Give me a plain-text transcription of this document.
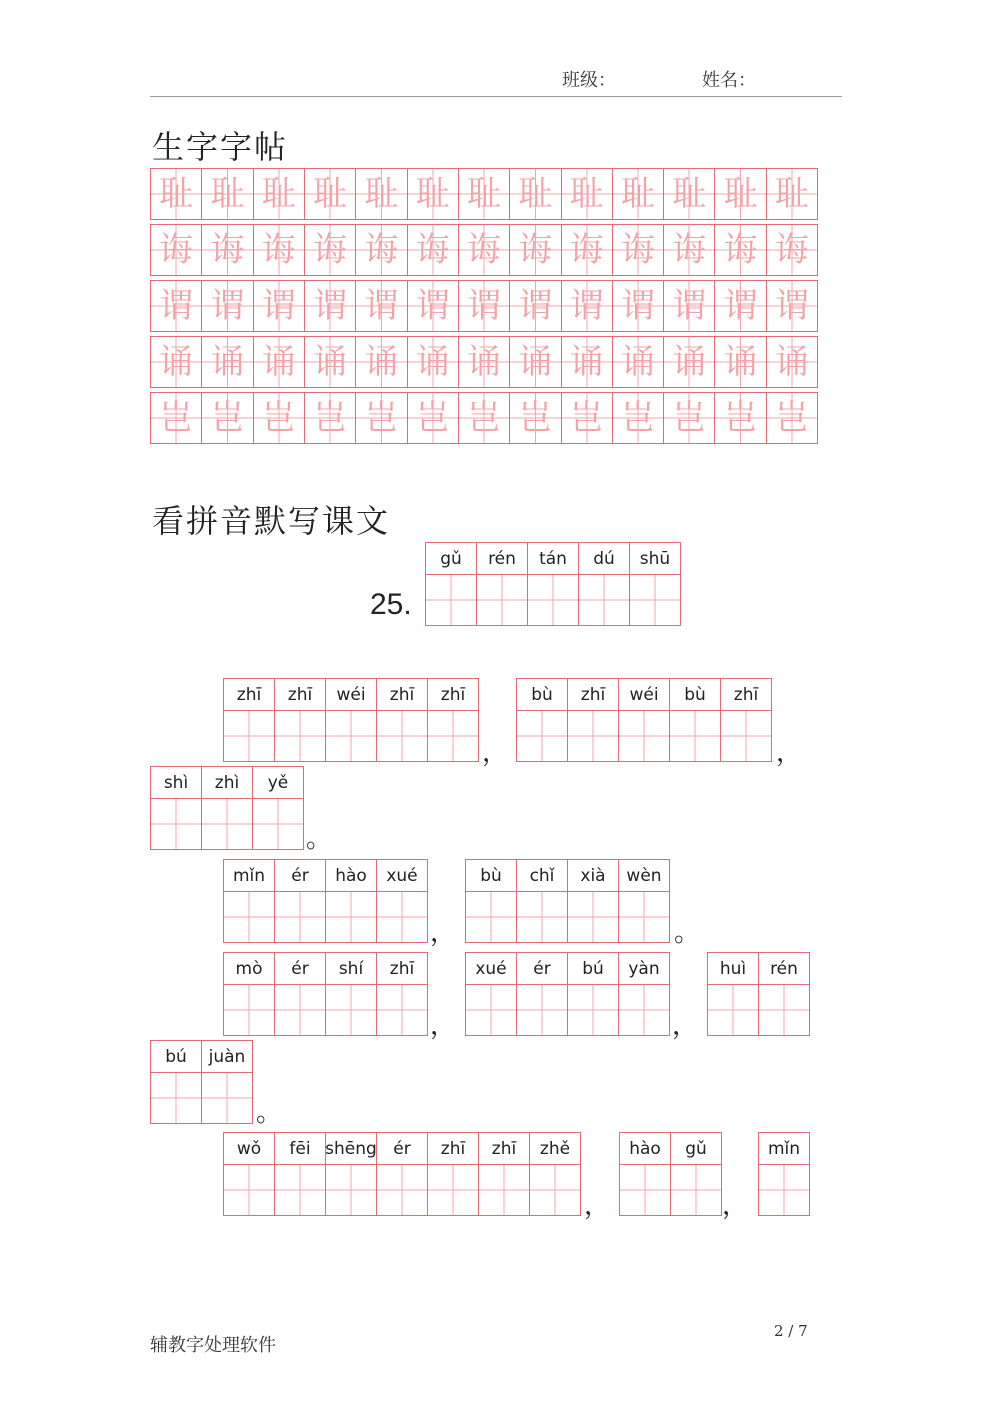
班级：	姓名：
生字字帖
耻 耻 耻 耻 耻 耻 耻 耻 耻 耻 耻 耻 耻
诲 诲 诲 诲 诲 诲 诲 诲 诲 诲 诲 诲 诲
谓 谓 谓 谓 谓 谓 谓 谓 谓 谓 谓 谓 谓
诵 诵 诵 诵 诵 诵 诵 诵 诵 诵 诵 诵 诵
岂 岂 岂 岂 岂 岂 岂 岂 岂 岂 岂 岂 岂
看拼音默写课文
25.
gǔ	rén	tán	dú	shū
zhī	zhī	wéi	zhī	zhī	bù	zhī	wéi	bù	zhī
shì	zhì	yě
mǐn	ér	hào	xué	bù	chǐ	xià	wèn
mò	ér	shí	zhī	xué	ér	bú	yàn	huì	rén
bú	juàn
wǒ	fēi shēng ér	zhī	zhī	zhě	hào	gǔ	mǐn
，	，
。
，	。
，	，
。
，	，
辅教字处理软件
2 / 7
